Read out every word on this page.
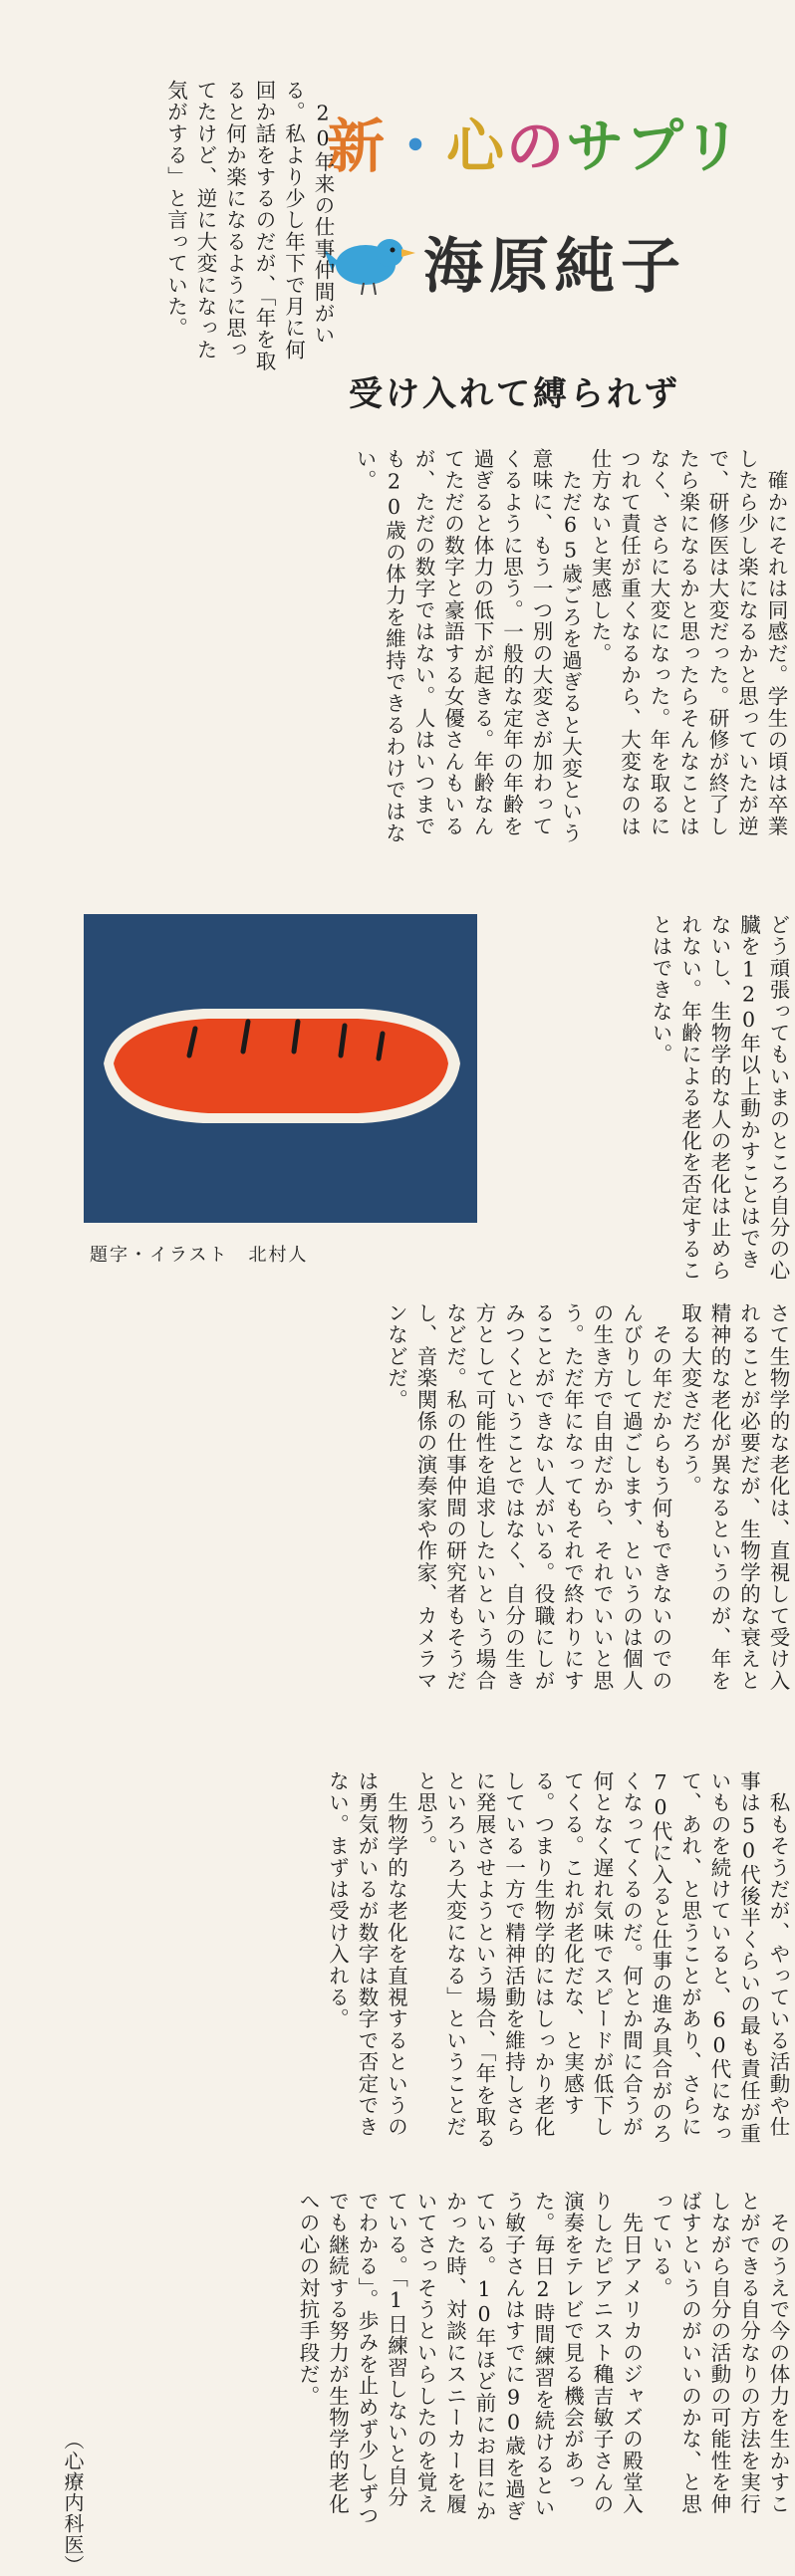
新・心のサプリ
海原純子
受け入れて縛られず
　20年来の仕事仲間がいる。私より少し年下で月に何回か話をするのだが、「年を取ると何か楽になるように思ってたけど、逆に大変になった気がする」と言っていた。
　確かにそれは同感だ。学生の頃は卒業したら少し楽になるかと思っていたが逆で、研修医は大変だった。研修が終了したら楽になるかと思ったらそんなことはなく、さらに大変になった。年を取るにつれて責任が重くなるから、大変なのは仕方ないと実感した。
　ただ65歳ごろを過ぎると大変という意味に、もう一つ別の大変さが加わってくるように思う。一般的な定年の年齢を過ぎると体力の低下が起きる。年齢なんてただの数字と豪語する女優さんもいるが、ただの数字ではない。人はいつまでも20歳の体力を維持できるわけではない。
どう頑張ってもいまのところ自分の心臓を120年以上動かすことはできないし、生物学的な人の老化は止められない。年齢による老化を否定することはできない。
題字・イラスト　北村人
さて生物学的な老化は、直視して受け入れることが必要だが、生物学的な衰えと精神的な老化が異なるというのが、年を取る大変さだろう。
　その年だからもう何もできないのでのんびりして過ごします、というのは個人の生き方で自由だから、それでいいと思う。ただ年になってもそれで終わりにすることができない人がいる。役職にしがみつくということではなく、自分の生き方として可能性を追求したいという場合などだ。私の仕事仲間の研究者もそうだし、音楽関係の演奏家や作家、カメラマンなどだ。
　私もそうだが、やっている活動や仕事は50代後半くらいの最も責任が重いものを続けていると、60代になって、あれ、と思うことがあり、さらに70代に入ると仕事の進み具合がのろくなってくるのだ。何とか間に合うが何となく遅れ気味でスピードが低下してくる。これが老化だな、と実感する。つまり生物学的にはしっかり老化している一方で精神活動を維持しさらに発展させようという場合、「年を取るといろいろ大変になる」ということだと思う。
　生物学的な老化を直視するというのは勇気がいるが数字は数字で否定できない。まずは受け入れる。
　そのうえで今の体力を生かすことができる自分なりの方法を実行しながら自分の活動の可能性を伸ばすというのがいいのかな、と思っている。
　先日アメリカのジャズの殿堂入りしたピアニスト穐吉敏子さんの演奏をテレビで見る機会があった。毎日2時間練習を続けるという敏子さんはすでに90歳を過ぎている。10年ほど前にお目にかかった時、対談にスニーカーを履いてさっそうといらしたのを覚えている。「1日練習しないと自分でわかる」。歩みを止めず少しずつでも継続する努力が生物学的老化への心の対抗手段だ。
（心療内科医）
